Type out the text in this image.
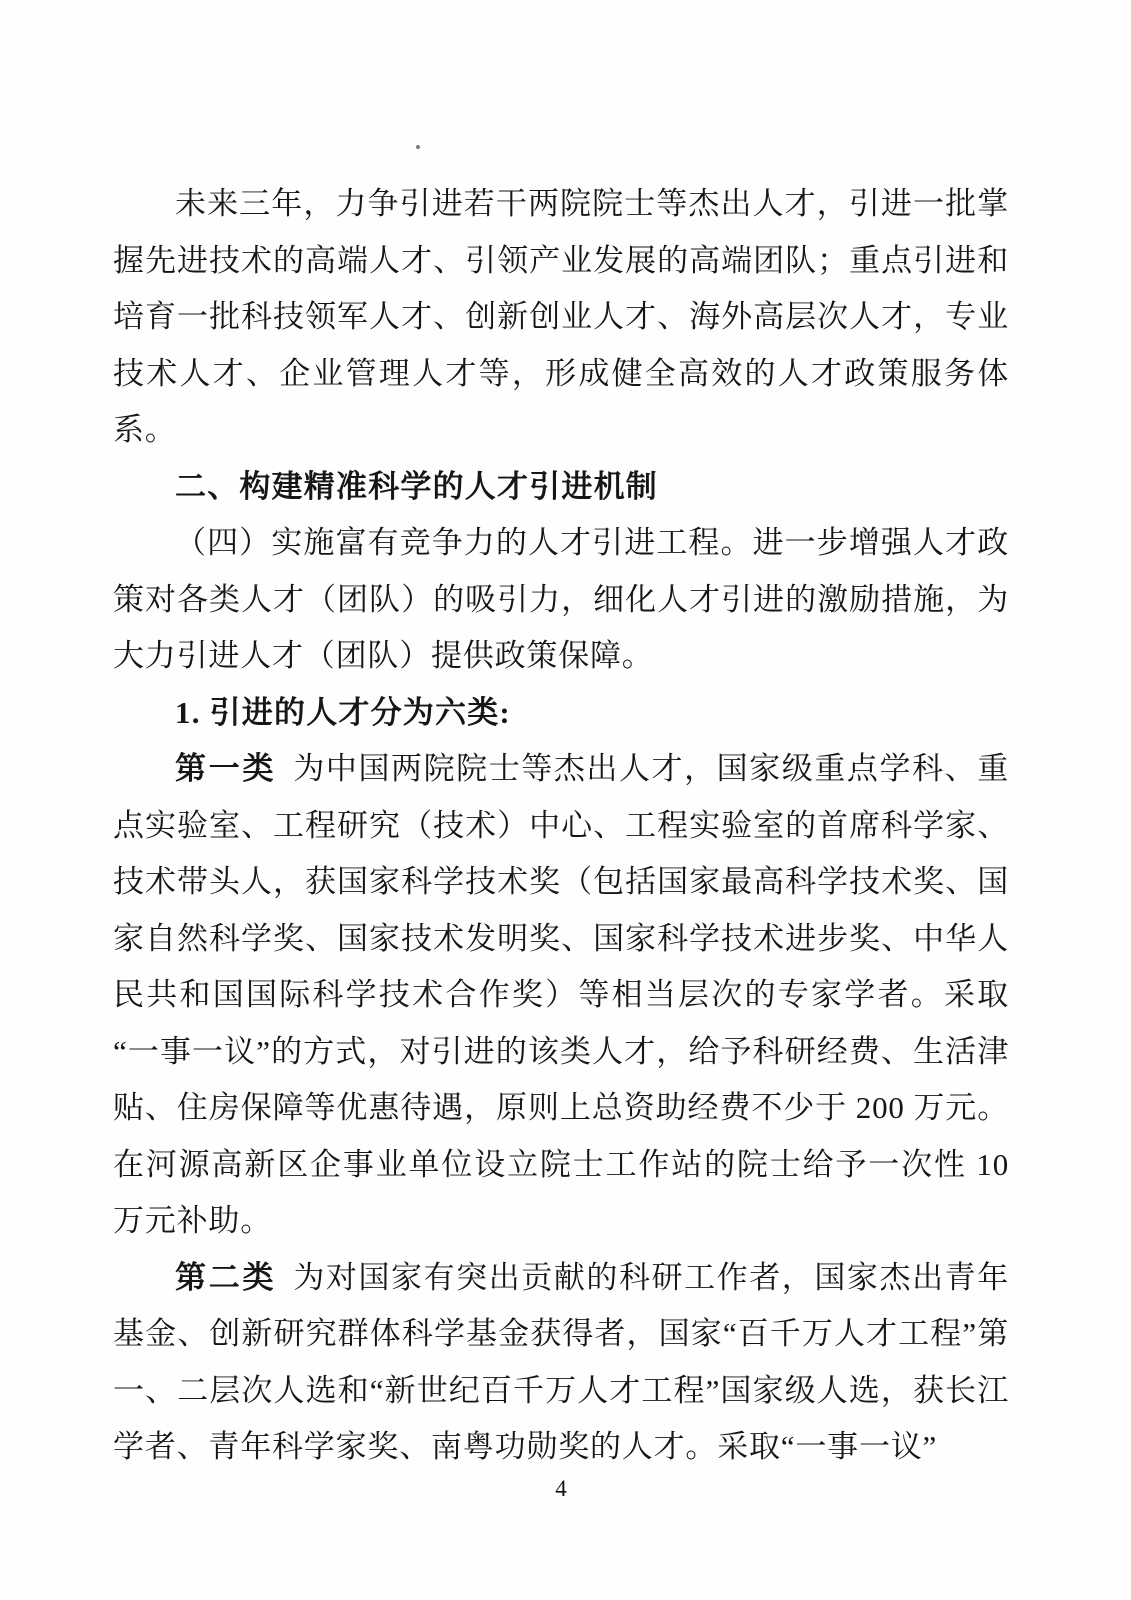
未来三年，力争引进若干两院院士等杰出人才，引进一批掌握先进技术的高端人才、引领产业发展的高端团队；重点引进和培育一批科技领军人才、创新创业人才、海外高层次人才，专业技术人才、企业管理人才等，形成健全高效的人才政策服务体系。

二、构建精准科学的人才引进机制

（四）实施富有竞争力的人才引进工程。进一步增强人才政策对各类人才（团队）的吸引力，细化人才引进的激励措施，为大力引进人才（团队）提供政策保障。

1. 引进的人才分为六类:

第一类 为中国两院院士等杰出人才，国家级重点学科、重点实验室、工程研究（技术）中心、工程实验室的首席科学家、技术带头人，获国家科学技术奖（包括国家最高科学技术奖、国家自然科学奖、国家技术发明奖、国家科学技术进步奖、中华人民共和国国际科学技术合作奖）等相当层次的专家学者。采取“一事一议”的方式，对引进的该类人才，给予科研经费、生活津贴、住房保障等优惠待遇，原则上总资助经费不少于 200 万元。在河源高新区企事业单位设立院士工作站的院士给予一次性 10 万元补助。

第二类 为对国家有突出贡献的科研工作者，国家杰出青年基金、创新研究群体科学基金获得者，国家“百千万人才工程”第一、二层次人选和“新世纪百千万人才工程”国家级人选，获长江学者、青年科学家奖、南粤功勋奖的人才。采取“一事一议”

4
